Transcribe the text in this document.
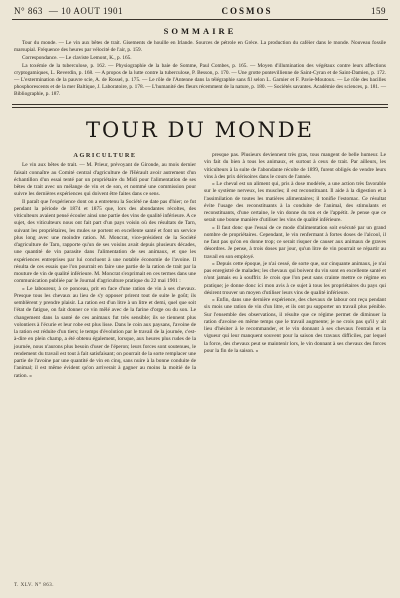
N° 863 — 10 AOUT 1901	COSMOS	159
SOMMAIRE

Tour du monde. — Le vin aux bêtes de trait. Gisements de houille en Irlande. Sources de pétrole en Grèce. La production du caféier dans le monde. Nouveau fossile marsupial. Fréquence des heures par vélocité de l'air, p. 159.

Correspondance. — Le claviste Lemont, K., p. 165.

La toxémie de la tuberculose, p. 162. — Physiographie de la baie de Somme, Paul Combes, p. 165. — Moyen d'illumination des végétaux contre leurs affections cryptogamiques, L. Reverdin, p. 168. — A propos de la lutte contre la tuberculose, P. Besson, p. 170. — Une grotte pontevillienne de Saint-Cyran et de Saint-Damien, p. 172. — L'extermination de la pauvre scie, A. de Rossel, p. 175. — Le rôle de l'Antenne dans la télégraphie sans fil selon L. Garnier et F. Pavie-Moutoux. — Le rôle des bacilles phosphorescents et de la mer Baltique, J. Laboratoire, p. 178. — L'humanité des fleurs récemment de la nature, p. 180. — Sociétés savantes. Académie des sciences, p. 181. — Bibliographie, p. 187.

TOUR DU MONDE
AGRICULTURE

Le vin aux bêtes de trait. — M. Prieur, prévoyant de Gironde, au mois dernier faisait connaître au Comité central d'agriculture de l'Hérault avoir autrement d'un échantillon d'un essai tenté par un propriétaire du Midi pour l'alimentation de ses bêtes de trait avec un mélange de vin et de son, et nommé une commission pour suivre les dernières expériences qui doivent être faites dans ce sens.

Il paraît que l'expérience dont on a entretenu la Société ne date pas d'hier; ce fut pendant la période de 1874 et 1875 que, lors des abondantes récoltes, des viticulteurs avaient pensé écouler ainsi une partie des vins de qualité inférieure. A ce sujet, des viticulteurs nous ont fait part d'un pays voisin où des résultats de Tarn, suivant les propriétaires, les mules se portent en excellente santé et font un service plus long avec une moindre ration. M. Moncrat, vice-président de la Société d'agriculture de Tarn, rapporte qu'un de ses voisins avait depuis plusieurs décades, une quantité de vin parasite dans l'alimentation de ses animaux, et que les expériences entreprises par lui concluent à une notable économie de l'avoine. Il résulta de ces essais que l'on pourrait en faire une partie de la ration de trait par la mouture de vin de qualité inférieure. M. Moncrat s'exprimait en ces termes dans une communication publiée par le Journal d'agriculture pratique du 22 mai 1901 :

« Le laboureur, à ce ponceau, prit en face d'une ration de vin à ses chevaux. Presque tous les chevaux au lieu de s'y opposer prirent tout de suite le goût; ils semblèrent y prendre plaisir. La ration est d'un litre à un litre et demi, quel que soit l'état de fatigue, on fait donner ce vin mêlé avec de la farine d'orge ou du son. Le changement dans la santé de ces animaux fut très sensible; ils se tiennent plus volontiers à l'écurie et leur robe est plus lisse. Dans le coin aux paysans, l'avoine de la ration est réduite d'un tiers; le temps d'évolution par le travail de la journée, c'est-à-dire en plein champ, a été obtenu également, lorsque, aux heures plus rudes de la journée, nous n'aurons plus besoin d'user de l'éperon; leurs forces sont soutenues, le rendement du travail est tout à fait satisfaisant; on pourrait de la sorte remplacer une partie de l'avoine par une quantité de vin en cinq, sans nuire à la bonne conduite de l'animal; il est même évident qu'on arriverait à gagner au moins la moitié de la ration. »

presque pas. Plusieurs deviennent très gras, tous mangent de belle humeur. Le vin fait du bien à tous les animaux, et surtout à ceux de trait. Par ailleurs, les viticulteurs à la suite de l'abondante récolte de 1899, furent obligés de vendre leurs vins à des prix dérisoires dans le cours de l'année.

« Le cheval est un aliment qui, pris à dose modérée, a une action très favorable sur le système nerveux, les muscles; il est reconstituant. Il aide à la digestion et à l'assimilation de toutes les matières alimentaires; il tonifie l'estomac. Ce résultat évite l'usage des reconstituants à la conduite de l'animal, des stimulants et reconstituants, d'une certaine, le vin donne du ton et de l'appétit. Je pense que ce serait une bonne manière d'utiliser les vins de qualité inférieure.

« Il faut donc que l'essai de ce mode d'alimentation soit exécuté par un grand nombre de propriétaires. Cependant, le vin renfermant à fortes doses de l'alcool, il ne faut pas qu'on en donne trop; ce serait risquer de causer aux animaux de graves désordres. Je pense, à trois doses par jour, qu'un litre de vin pourrait se répartir au travail en son employé.

« Depuis cette époque, je n'ai cessé, de sorte que, sur cinquante animaux, je n'ai pas enregistré de malades; les chevaux qui boivent du vin sont en excellente santé et n'ont jamais eu à souffrir. Je crois que l'on peut sans crainte mettre ce régime en pratique; je donne donc ici mon avis à ce sujet à tous les propriétaires du pays qui désirent trouver un moyen d'utiliser leurs vins de qualité inférieure.

« Enfin, dans une dernière expérience, des chevaux de labour ont reçu pendant six mois une ration de vin d'un litre, et ils ont pu supporter un travail plus pénible. Sur l'ensemble des observations, il résulte que ce régime permet de diminuer la ration d'avoine en même temps que le travail augmente; je ne crois pas qu'il y ait lieu d'hésiter à le recommander, et le vin donnant à ses chevaux l'entrain et la vigueur qui leur manquent souvent pour la saison des travaux difficiles, par lequel la force, des chevaux peut se maintenir lors, le vin donnant à ses chevaux des forces pour la fin de la saison. »

T. XLV. N° 863.
